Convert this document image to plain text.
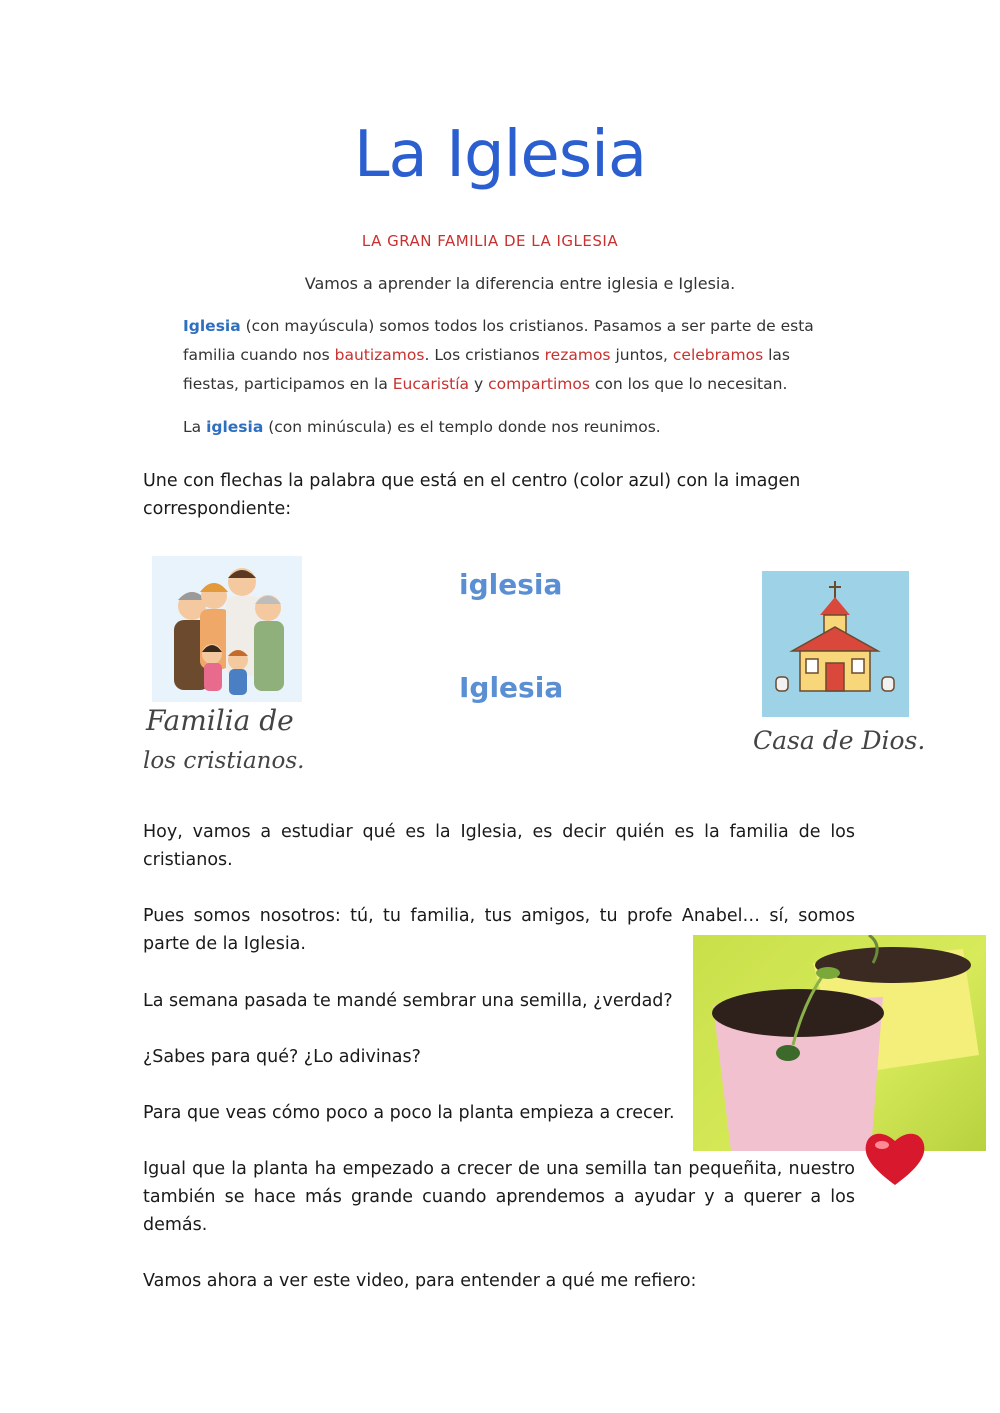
La Iglesia
LA GRAN FAMILIA DE LA IGLESIA
Vamos a aprender la diferencia entre iglesia e Iglesia.
Iglesia (con mayúscula) somos todos los cristianos. Pasamos a ser parte de esta familia cuando nos bautizamos. Los cristianos rezamos juntos, celebramos las fiestas, participamos en la Eucaristía y compartimos con los que lo necesitan.
La iglesia (con minúscula) es el templo donde nos reunimos.
Une con flechas la palabra que está en el centro (color azul) con la imagen correspondiente:
Familia de
los cristianos.
iglesia
Iglesia
Casa de Dios.
Hoy, vamos a estudiar qué es la Iglesia, es decir quién es la familia de los cristianos.
Pues somos nosotros: tú, tu familia, tus amigos, tu profe Anabel… sí, somos parte de la Iglesia.
La semana pasada te mandé sembrar una semilla, ¿verdad?
¿Sabes para qué? ¿Lo adivinas?
Para que veas cómo poco a poco la planta empieza a crecer.
Igual que la planta ha empezado a crecer de una semilla tan pequeñita, nuestro también se hace más grande cuando aprendemos a ayudar y a querer a los demás.
Vamos ahora a ver este video, para entender a qué me refiero:
